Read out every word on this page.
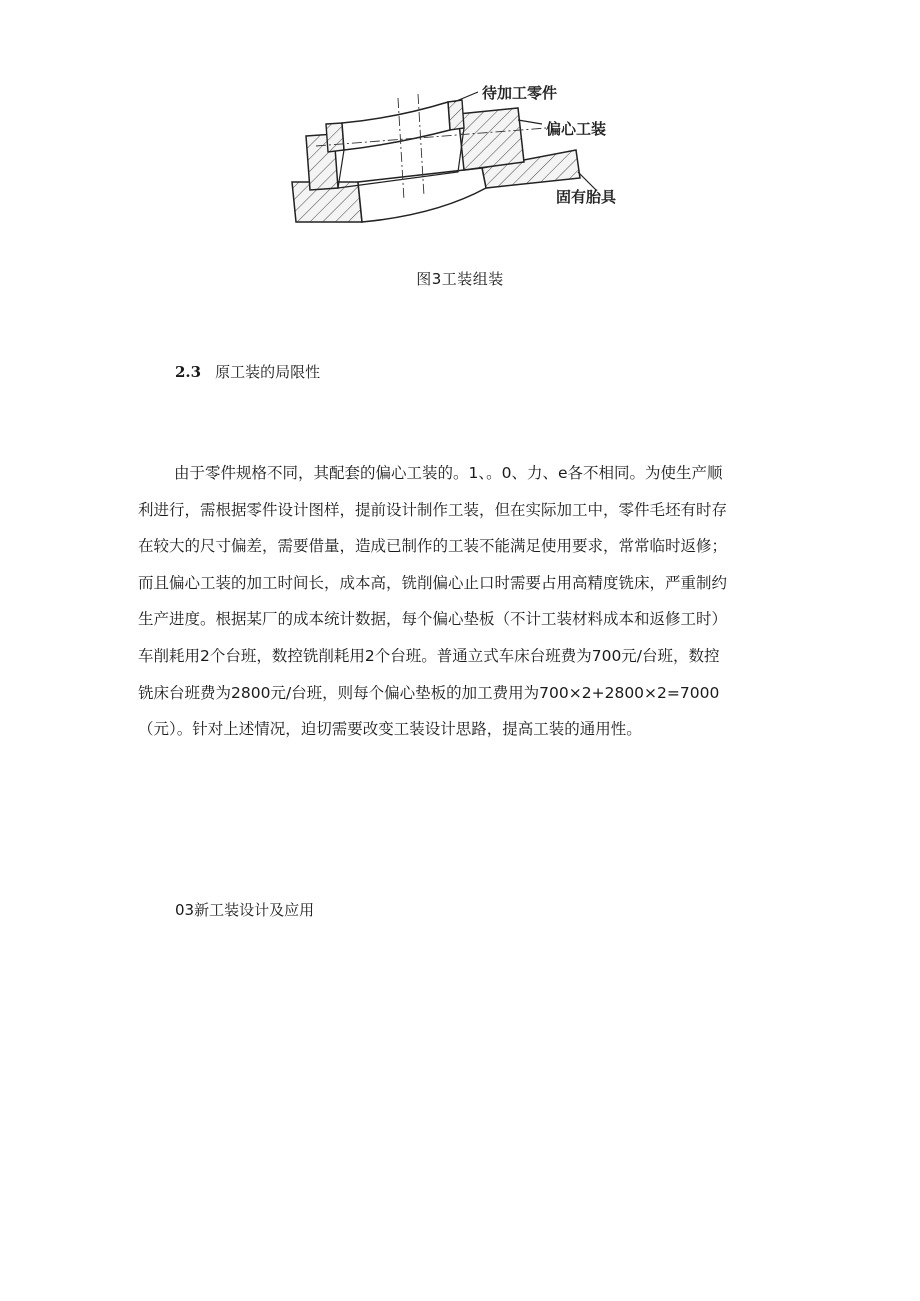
待加工零件
偏心工装
固有胎具
图3工装组装
2.3 原工装的局限性
由于零件规格不同，其配套的偏心工装的。1、。0、力、e各不相同。为使生产顺
利进行，需根据零件设计图样，提前设计制作工装，但在实际加工中，零件毛坯有时存
在较大的尺寸偏差，需要借量，造成已制作的工装不能满足使用要求，常常临时返修；
而且偏心工装的加工时间长，成本高，铣削偏心止口时需要占用高精度铣床，严重制约
生产进度。根据某厂的成本统计数据，每个偏心垫板（不计工装材料成本和返修工时）
车削耗用2个台班，数控铣削耗用2个台班。普通立式车床台班费为700元/台班，数控
铣床台班费为2800元/台班，则每个偏心垫板的加工费用为700×2+2800×2=7000
（元）。针对上述情况，迫切需要改变工装设计思路，提高工装的通用性。
03新工装设计及应用
